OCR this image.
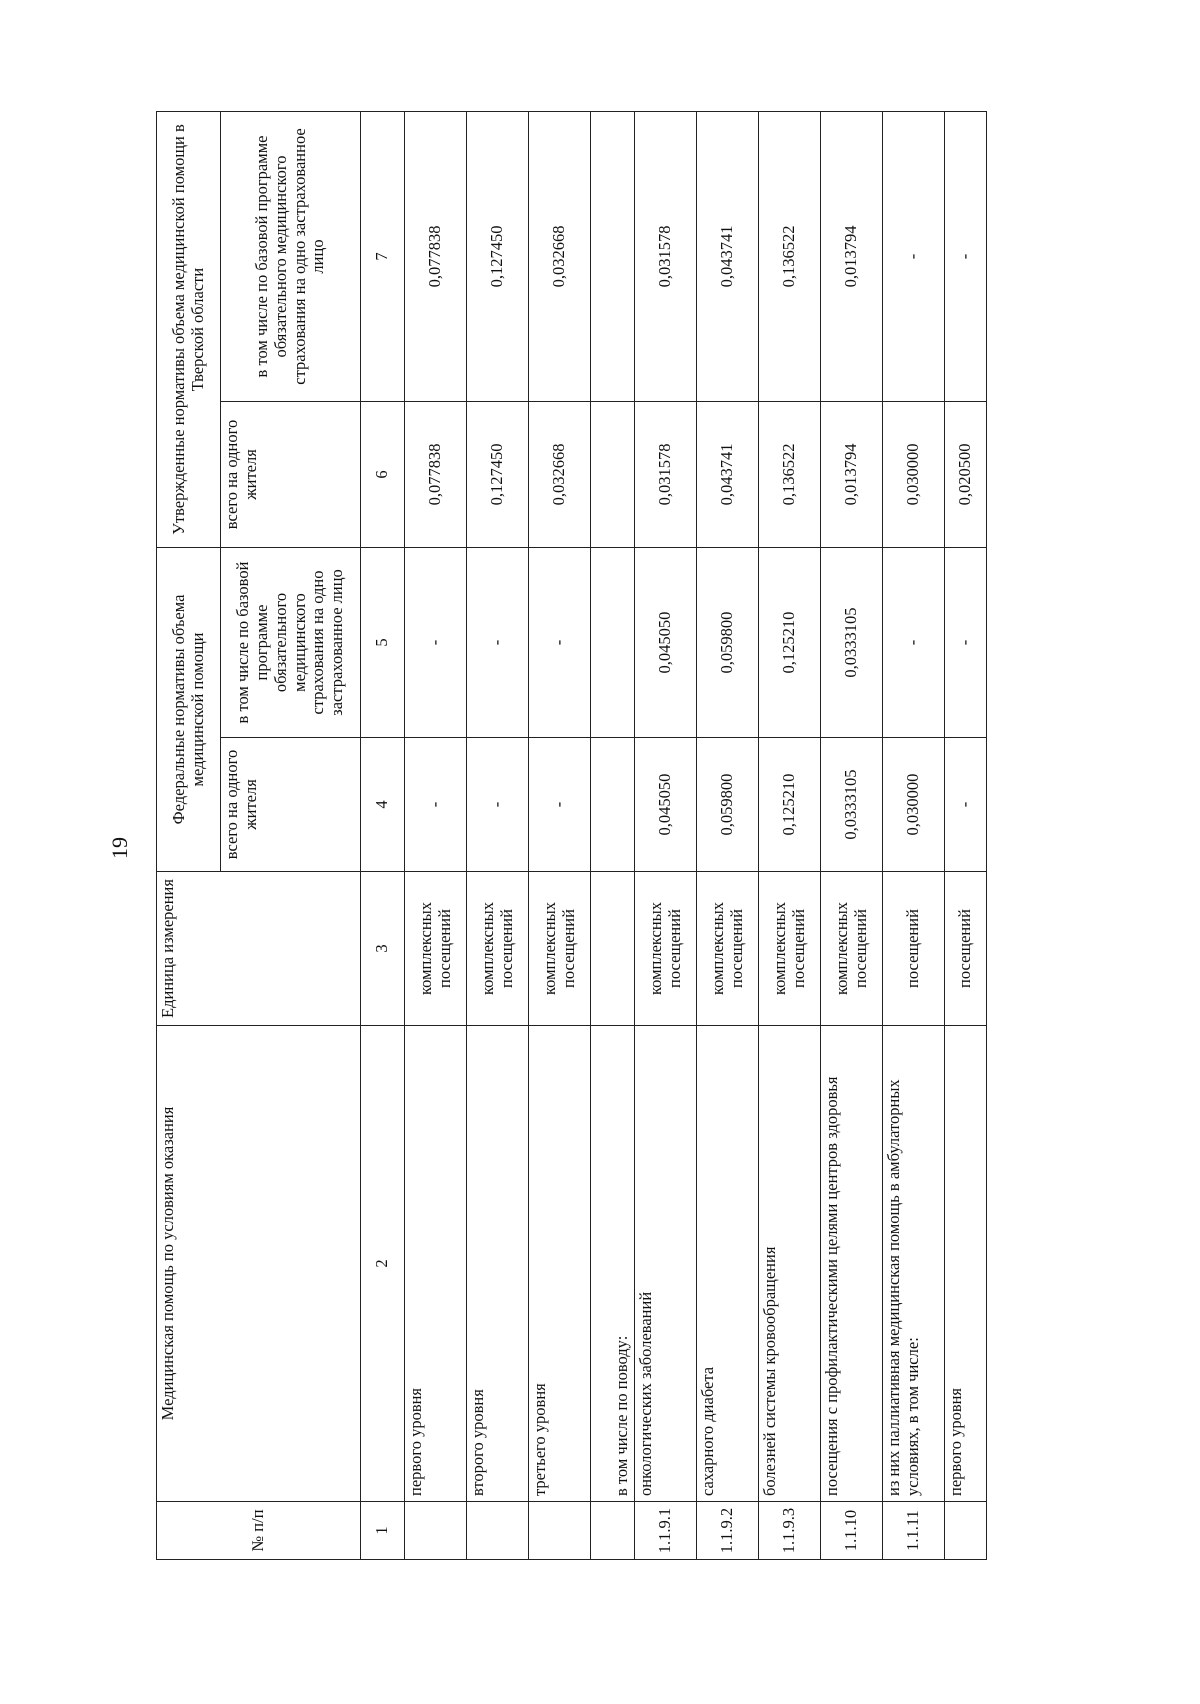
19
№ п/п	Медицинская помощь по условиям оказания	Единица измерения	Федеральные нормативы объема медицинской помощи		Утвержденные нормативы объема медицинской помощи в Тверской области	
			всего на одного жителя	в том числе по базовой программе обязательного медицинского страхования на одно застрахованное лицо	всего на одного жителя	в том числе по базовой программе обязательного медицинского страхования на одно застрахованное лицо
1	2	3	4	5	6	7
	первого уровня	комплексных посещений	-	-	0,077838	0,077838
	второго уровня	комплексных посещений	-	-	0,127450	0,127450
	третьего уровня	комплексных посещений	-	-	0,032668	0,032668
	в том числе по поводу:					
1.1.9.1	онкологических заболеваний	комплексных посещений	0,045050	0,045050	0,031578	0,031578
1.1.9.2	сахарного диабета	комплексных посещений	0,059800	0,059800	0,043741	0,043741
1.1.9.3	болезней системы кровообращения	комплексных посещений	0,125210	0,125210	0,136522	0,136522
1.1.10	посещения с профилактическими целями центров здоровья	комплексных посещений	0,0333105	0,0333105	0,013794	0,013794
1.1.11	из них паллиативная медицинская помощь в амбулаторных условиях, в том числе:	посещений	0,030000	-	0,030000	-
	первого уровня	посещений	-	-	0,020500	-
